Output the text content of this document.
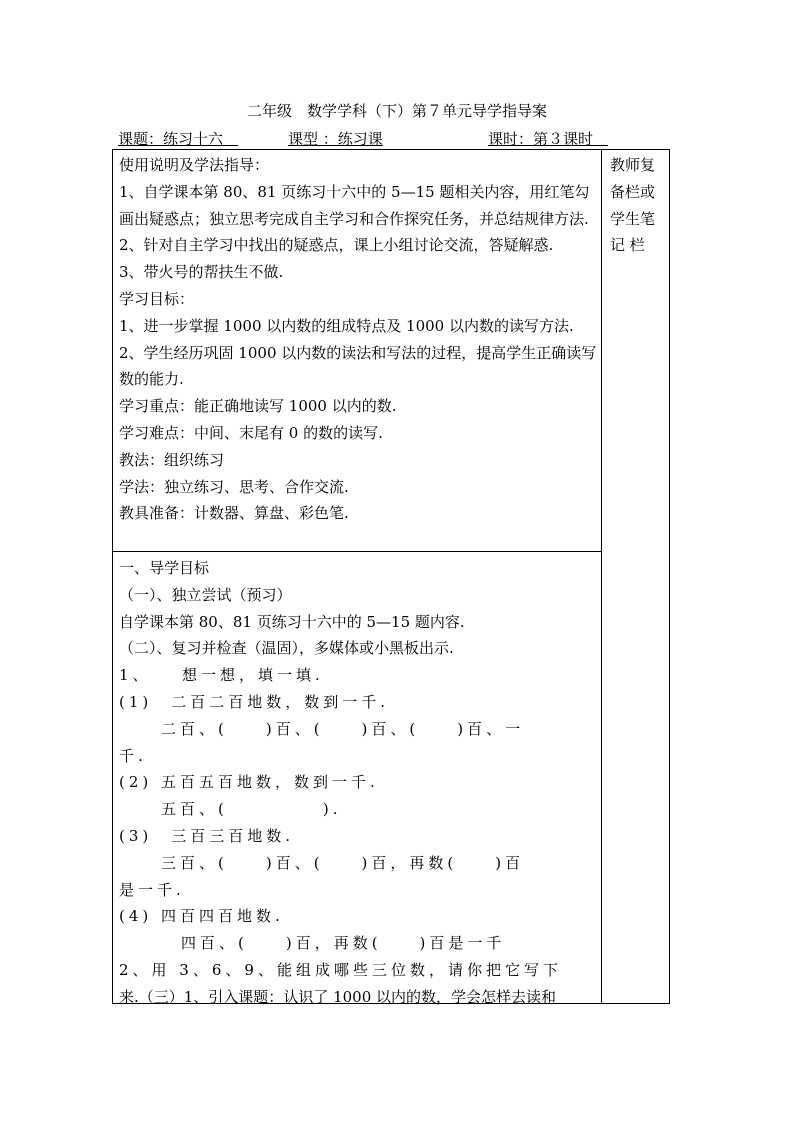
二年级　数学学科（下）第７单元导学指导案
课题：练习十六　	课型 ：练习课	课时：第３课时　
教师复备栏或学生笔记 栏
使用说明及学法指导：
1、自学课本第 80、81 页练习十六中的 5—15 题相关内容，用红笔勾画出疑惑点；独立思考完成自主学习和合作探究任务，并总结规律方法.
2、针对自主学习中找出的疑惑点，课上小组讨论交流，答疑解惑.
3、带火号的帮扶生不做.
学习目标：
1、进一步掌握 1000 以内数的组成特点及 1000 以内数的读写方法.
2、学生经历巩固 1000 以内数的读法和写法的过程，提高学生正确读写数的能力.
学习重点：能正确地读写 1000 以内的数.
学习难点：中间、末尾有 0 的数的读写.
教法：组织练习
学法：独立练习、思考、合作交流.
教具准备：计数器、算盘、彩色笔.
一、导学目标
（一）、独立尝试（预习）
自学课本第 80、81 页练习十六中的 5—15 题内容.
（二）、复习并检查（温固），多媒体或小黑板出示.
1、　　想一想，填一填.
(1)　二百二百地数，数到一千.
二百、(　　)百、(　　)百、(　　)百、一
千.
(2) 五百五百地数，数到一千.
五百、(　　　　　).
(3)　三百三百地数.
三百、(　　)百、(　　)百，再数(　　)百
是一千.
(4) 四百四百地数.
四百、(　　)百，再数(　　)百是一千
2、用 3、6、9、能组成哪些三位数，请你把它写下
来.（三）1、引入课题：认识了 1000 以内的数，学会怎样去读和
